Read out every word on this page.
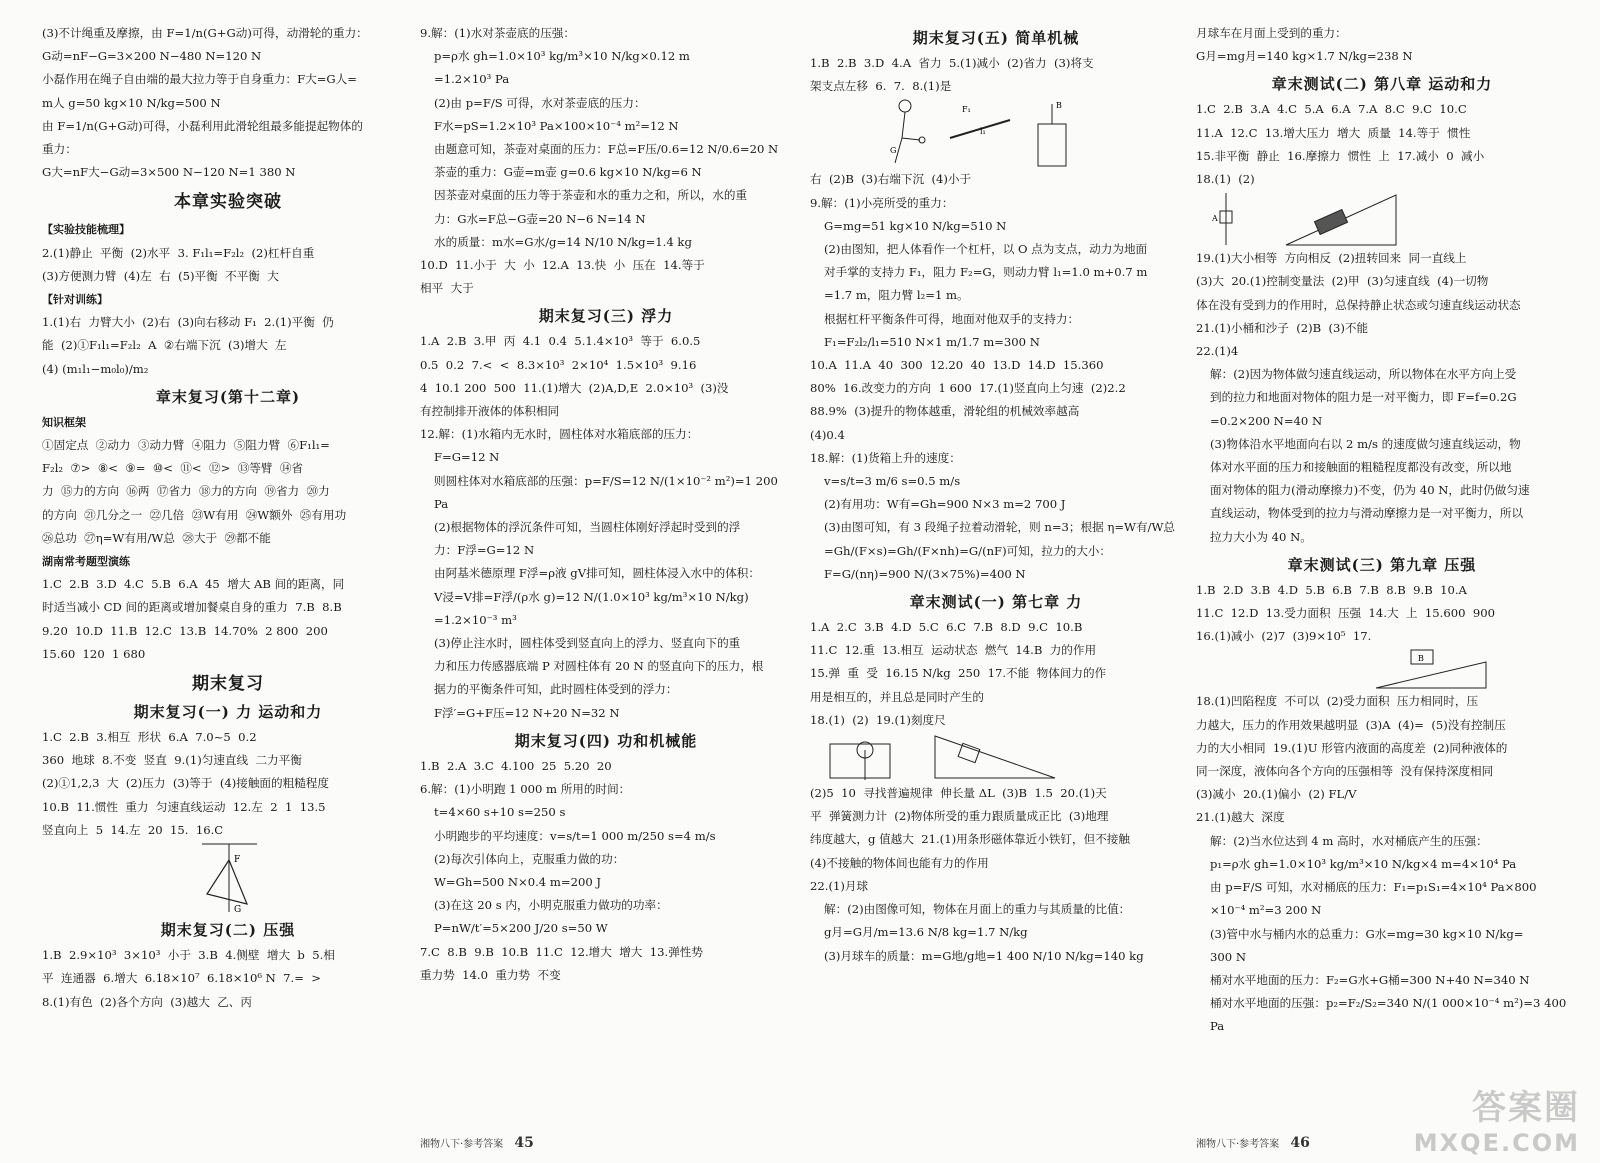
(3)不计绳重及摩擦，由 F=1/n(G+G动)可得，动滑轮的重力：

G动=nF−G=3×200 N−480 N=120 N

小磊作用在绳子自由端的最大拉力等于自身重力：F大=G人=

m人 g=50 kg×10 N/kg=500 N

由 F=1/n(G+G动)可得，小磊利用此滑轮组最多能提起物体的

重力：

G大=nF大−G动=3×500 N−120 N=1 380 N

本章实验突破

【实验技能梳理】

2.(1)静止  平衡  (2)水平  3. F₁l₁=F₂l₂  (2)杠杆自重

(3)方便测力臂  (4)左  右  (5)平衡  不平衡  大

【针对训练】

1.(1)右  力臂大小  (2)右  (3)向右移动 F₁  2.(1)平衡  仍

能  (2)①F₁l₁=F₂l₂  A  ②右端下沉  (3)增大  左

(4) (m₁l₁−m₀l₀)/m₂

章末复习(第十二章)

知识框架

①固定点  ②动力  ③动力臂  ④阻力  ⑤阻力臂  ⑥F₁l₁=

F₂l₂  ⑦>  ⑧<  ⑨=  ⑩<  ⑪<  ⑫>  ⑬等臂  ⑭省

力  ⑮力的方向  ⑯两  ⑰省力  ⑱力的方向  ⑲省力  ⑳力

的方向  ㉑几分之一  ㉒几倍  ㉓W有用  ㉔W额外  ㉕有用功

㉖总功  ㉗η=W有用/W总  ㉘大于  ㉙都不能

湖南常考题型演练

1.C  2.B  3.D  4.C  5.B  6.A  45  增大 AB 间的距离，同

时适当减小 CD 间的距离或增加餐桌自身的重力  7.B  8.B

9.20  10.D  11.B  12.C  13.B  14.70%  2 800  200

15.60  120  1 680

期末复习
期末复习(一) 力 运动和力

1.C  2.B  3.相互  形状  6.A  7.0~5  0.2

360  地球  8.不变  竖直  9.(1)匀速直线  二力平衡

(2)①1,2,3  大  (2)压力  (3)等于  (4)接触面的粗糙程度

10.B  11.惯性  重力  匀速直线运动  12.左  2  1  13.5

竖直向上  5  14.左  20  15.  16.C

F
G
期末复习(二) 压强

1.B  2.9×10³  3×10³  小于  3.B  4.侧壁  增大  b  5.相

平  连通器  6.增大  6.18×10⁷  6.18×10⁶ N  7.=  >

8.(1)有色  (2)各个方向  (3)越大  乙、丙

9.解：(1)水对茶壶底的压强：

p=ρ水 gh=1.0×10³ kg/m³×10 N/kg×0.12 m

=1.2×10³ Pa

(2)由 p=F/S 可得，水对茶壶底的压力：

F水=pS=1.2×10³ Pa×100×10⁻⁴ m²=12 N

由题意可知，茶壶对桌面的压力：F总=F压/0.6=12 N/0.6=20 N

茶壶的重力：G壶=m壶 g=0.6 kg×10 N/kg=6 N

因茶壶对桌面的压力等于茶壶和水的重力之和，所以，水的重

力：G水=F总−G壶=20 N−6 N=14 N

水的质量：m水=G水/g=14 N/10 N/kg=1.4 kg

10.D  11.小于  大  小  12.A  13.快  小  压在  14.等于

相平  大于

期末复习(三) 浮力

1.A  2.B  3.甲  丙  4.1  0.4  5.1.4×10³  等于  6.0.5

0.5  0.2  7.<  <  8.3×10³  2×10⁴  1.5×10³  9.16

4  10.1 200  500  11.(1)增大  (2)A,D,E  2.0×10³  (3)没

有控制排开液体的体积相同

12.解：(1)水箱内无水时，圆柱体对水箱底部的压力：

F=G=12 N

则圆柱体对水箱底部的压强：p=F/S=12 N/(1×10⁻² m²)=1 200 Pa

(2)根据物体的浮沉条件可知，当圆柱体刚好浮起时受到的浮

力：F浮=G=12 N

由阿基米德原理 F浮=ρ液 gV排可知，圆柱体浸入水中的体积：

V浸=V排=F浮/(ρ水 g)=12 N/(1.0×10³ kg/m³×10 N/kg)

=1.2×10⁻³ m³

(3)停止注水时，圆柱体受到竖直向上的浮力、竖直向下的重

力和压力传感器底端 P 对圆柱体有 20 N 的竖直向下的压力，根

据力的平衡条件可知，此时圆柱体受到的浮力：

F浮′=G+F压=12 N+20 N=32 N

期末复习(四) 功和机械能

1.B  2.A  3.C  4.100  25  5.20  20

6.解：(1)小明跑 1 000 m 所用的时间：

t=4×60 s+10 s=250 s

小明跑步的平均速度：v=s/t=1 000 m/250 s=4 m/s

(2)每次引体向上，克服重力做的功：

W=Gh=500 N×0.4 m=200 J

(3)在这 20 s 内，小明克服重力做功的功率：

P=nW/t′=5×200 J/20 s=50 W

7.C  8.B  9.B  10.B  11.C  12.增大  增大  13.弹性势

重力势  14.0  重力势  不变

期末复习(五) 简单机械

1.B  2.B  3.D  4.A  省力  5.(1)减小  (2)省力  (3)将支

架支点左移  6.  7.  8.(1)是

G
F₁
l₁
B

右  (2)B  (3)右端下沉  (4)小于

9.解：(1)小亮所受的重力：

G=mg=51 kg×10 N/kg=510 N

(2)由图知，把人体看作一个杠杆，以 O 点为支点，动力为地面

对手掌的支持力 F₁，阻力 F₂=G，则动力臂 l₁=1.0 m+0.7 m

=1.7 m，阻力臂 l₂=1 m。

根据杠杆平衡条件可得，地面对他双手的支持力：

F₁=F₂l₂/l₁=510 N×1 m/1.7 m=300 N

10.A  11.A  40  300  12.20  40  13.D  14.D  15.360

80%  16.改变力的方向  1 600  17.(1)竖直向上匀速  (2)2.2

88.9%  (3)提升的物体越重，滑轮组的机械效率越高

(4)0.4

18.解：(1)货箱上升的速度：

v=s/t=3 m/6 s=0.5 m/s

(2)有用功：W有=Gh=900 N×3 m=2 700 J

(3)由图可知，有 3 段绳子拉着动滑轮，则 n=3；根据 η=W有/W总

=Gh/(F×s)=Gh/(F×nh)=G/(nF)可知，拉力的大小：

F=G/(nη)=900 N/(3×75%)=400 N

章末测试(一) 第七章 力

1.A  2.C  3.B  4.D  5.C  6.C  7.B  8.D  9.C  10.B

11.C  12.重  13.相互  运动状态  燃气  14.B  力的作用

15.弹  重  受  16.15 N/kg  250  17.不能  物体间力的作

用是相互的，并且总是同时产生的

18.(1)  (2)  19.(1)刻度尺

(2)5  10  寻找普遍规律  伸长量 ΔL  (3)B  1.5  20.(1)天

平  弹簧测力计  (2)物体所受的重力跟质量成正比  (3)地理

纬度越大，g 值越大  21.(1)用条形磁体靠近小铁钉，但不接触

(4)不接触的物体间也能有力的作用

22.(1)月球

解：(2)由图像可知，物体在月面上的重力与其质量的比值：

g月=G月/m=13.6 N/8 kg=1.7 N/kg

(3)月球车的质量：m=G地/g地=1 400 N/10 N/kg=140 kg

月球车在月面上受到的重力：

G月=mg月=140 kg×1.7 N/kg=238 N

章末测试(二) 第八章 运动和力

1.C  2.B  3.A  4.C  5.A  6.A  7.A  8.C  9.C  10.C

11.A  12.C  13.增大压力  增大  质量  14.等于  惯性

15.非平衡  静止  16.摩擦力  惯性  上  17.减小  0  减小

18.(1)  (2)

A

19.(1)大小相等  方向相反  (2)扭转回来  同一直线上

(3)大  20.(1)控制变量法  (2)甲  (3)匀速直线  (4)一切物

体在没有受到力的作用时，总保持静止状态或匀速直线运动状态

21.(1)小桶和沙子  (2)B  (3)不能

22.(1)4

解：(2)因为物体做匀速直线运动，所以物体在水平方向上受

到的拉力和地面对物体的阻力是一对平衡力，即 F=f=0.2G

=0.2×200 N=40 N

(3)物体沿水平地面向右以 2 m/s 的速度做匀速直线运动，物

体对水平面的压力和接触面的粗糙程度都没有改变，所以地

面对物体的阻力(滑动摩擦力)不变，仍为 40 N，此时仍做匀速

直线运动，物体受到的拉力与滑动摩擦力是一对平衡力，所以

拉力大小为 40 N。

章末测试(三) 第九章 压强

1.B  2.D  3.B  4.D  5.B  6.B  7.B  8.B  9.B  10.A

11.C  12.D  13.受力面积  压强  14.大  上  15.600  900

16.(1)减小  (2)7  (3)9×10⁵  17.

B

18.(1)凹陷程度  不可以  (2)受力面积  压力相同时，压

力越大，压力的作用效果越明显  (3)A  (4)=  (5)没有控制压

力的大小相同  19.(1)U 形管内液面的高度差  (2)同种液体的

同一深度，液体向各个方向的压强相等  没有保持深度相同

(3)减小  20.(1)偏小  (2) FL/V

21.(1)越大  深度

解：(2)当水位达到 4 m 高时，水对桶底产生的压强：

p₁=ρ水 gh=1.0×10³ kg/m³×10 N/kg×4 m=4×10⁴ Pa

由 p=F/S 可知，水对桶底的压力：F₁=p₁S₁=4×10⁴ Pa×800

×10⁻⁴ m²=3 200 N

(3)管中水与桶内水的总重力：G水=mg=30 kg×10 N/kg=

300 N

桶对水平地面的压力：F₂=G水+G桶=300 N+40 N=340 N

桶对水平地面的压强：p₂=F₂/S₂=340 N/(1 000×10⁻⁴ m²)=3 400 Pa

湘物八下·参考答案 45	湘物八下·参考答案 46
答案圈
MXQE.COM
